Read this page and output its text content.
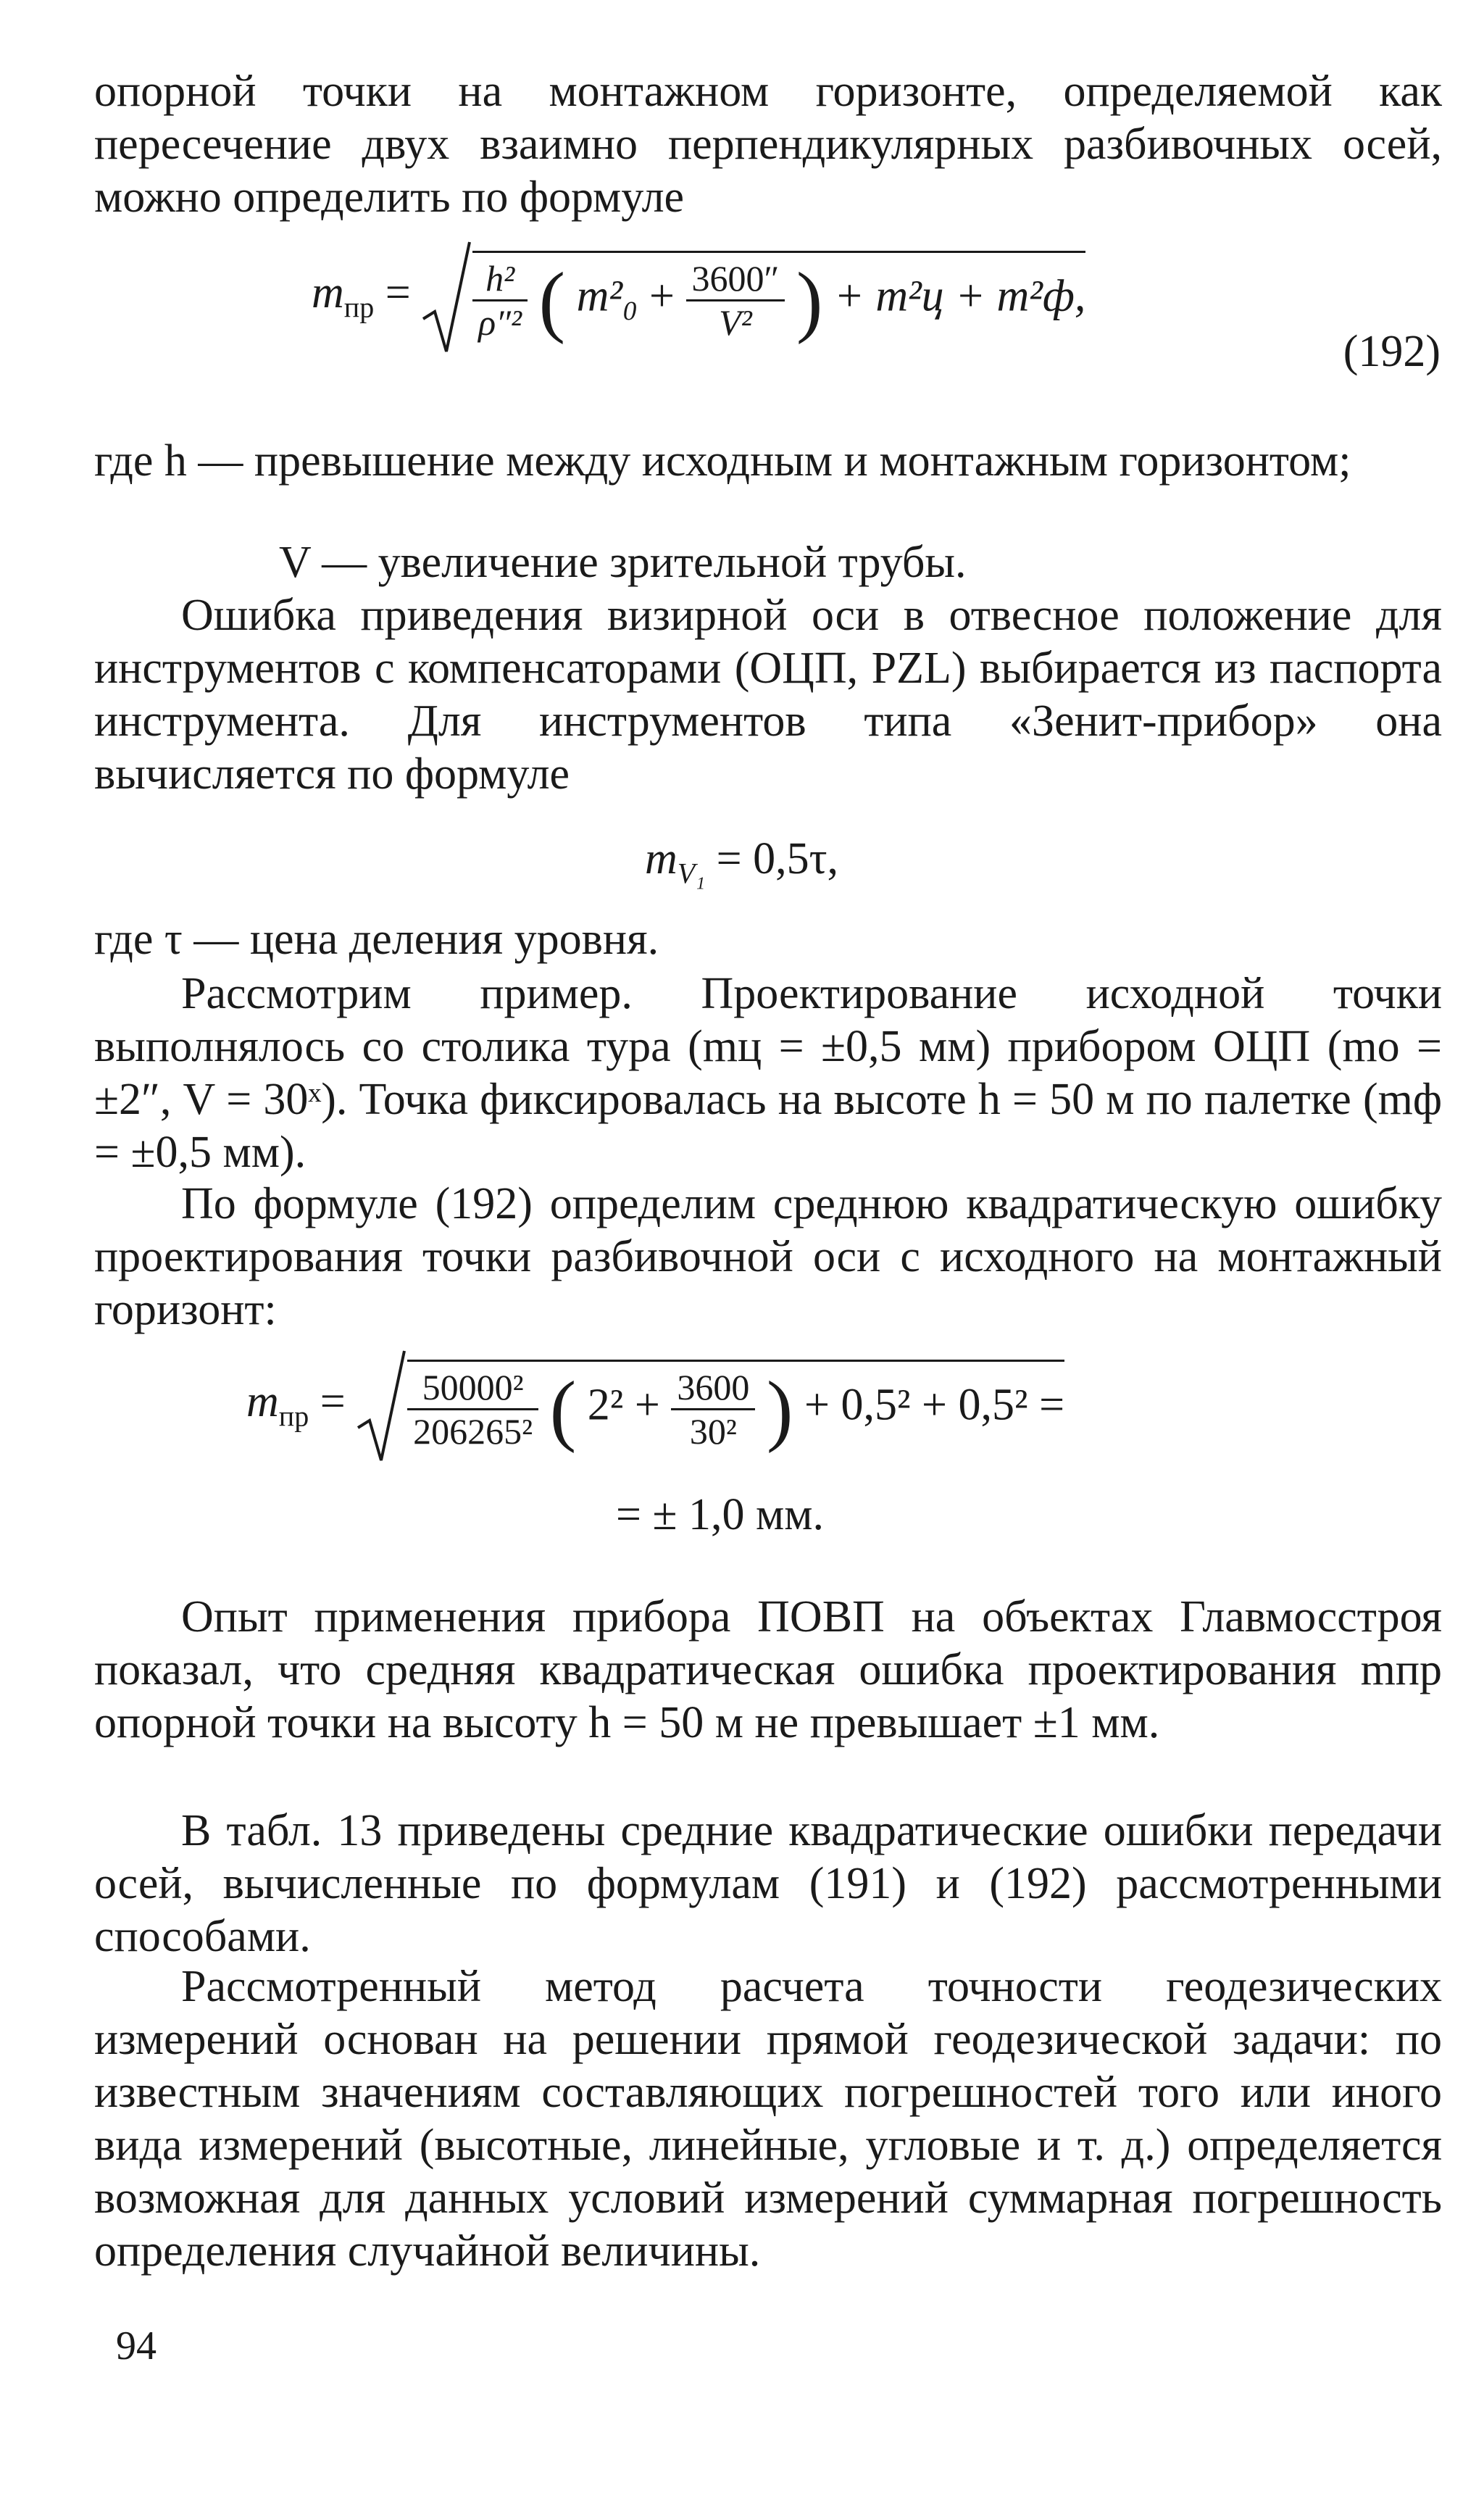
опорной точки на монтажном горизонте, определяемой как пересечение двух взаимно перпендикулярных разбивочных осей, можно определить по формуле

$m_{пр} = \frac{\text{h²}}{\text{ρ″²}}$ ( $m^2_0 + \frac{3600''}{\text{V²}}$ ) + m²ц + m²ф,
(192)

где h — превышение между исходным и монтажным горизонтом;

V — увеличение зрительной трубы.

Ошибка приведения визирной оси в отвесное положение для инструментов с компенсаторами (ОЦП, PZL) выбирается из паспорта инструмента. Для инструментов типа «Зенит-прибор» она вычисляется по формуле

$m_{V_1} = 0,5\tau$,

где τ — цена деления уровня.

Рассмотрим пример. Проектирование исходной точки выполнялось со столика тура (mц = ±0,5 мм) прибором ОЦП (mо = ±2″, V = 30ˣ). Точка фиксировалась на высоте h = 50 м по палетке (mф = ±0,5 мм).

По формуле (192) определим среднюю квадратическую ошибку проектирования точки разбивочной оси с исходного на монтажный горизонт:

$m_{пр} = \frac{\text{50000²}}{\text{206265²}}$ ( $2^2 + \frac{3600}{\text{30²}}$ ) + 0,5² + 0,5² =
= ± 1,0 мм.

Опыт применения прибора ПОВП на объектах Главмосстроя показал, что средняя квадратическая ошибка проектирования mпр опорной точки на высоту h = 50 м не превышает ±1 мм.

В табл. 13 приведены средние квадратические ошибки передачи осей, вычисленные по формулам (191) и (192) рассмотренными способами.

Рассмотренный метод расчета точности геодезических измерений основан на решении прямой геодезической задачи: по известным значениям составляющих погрешностей того или иного вида измерений (высотные, линейные, угловые и т. д.) определяется возможная для данных условий измерений суммарная погрешность определения случайной величины.

94
